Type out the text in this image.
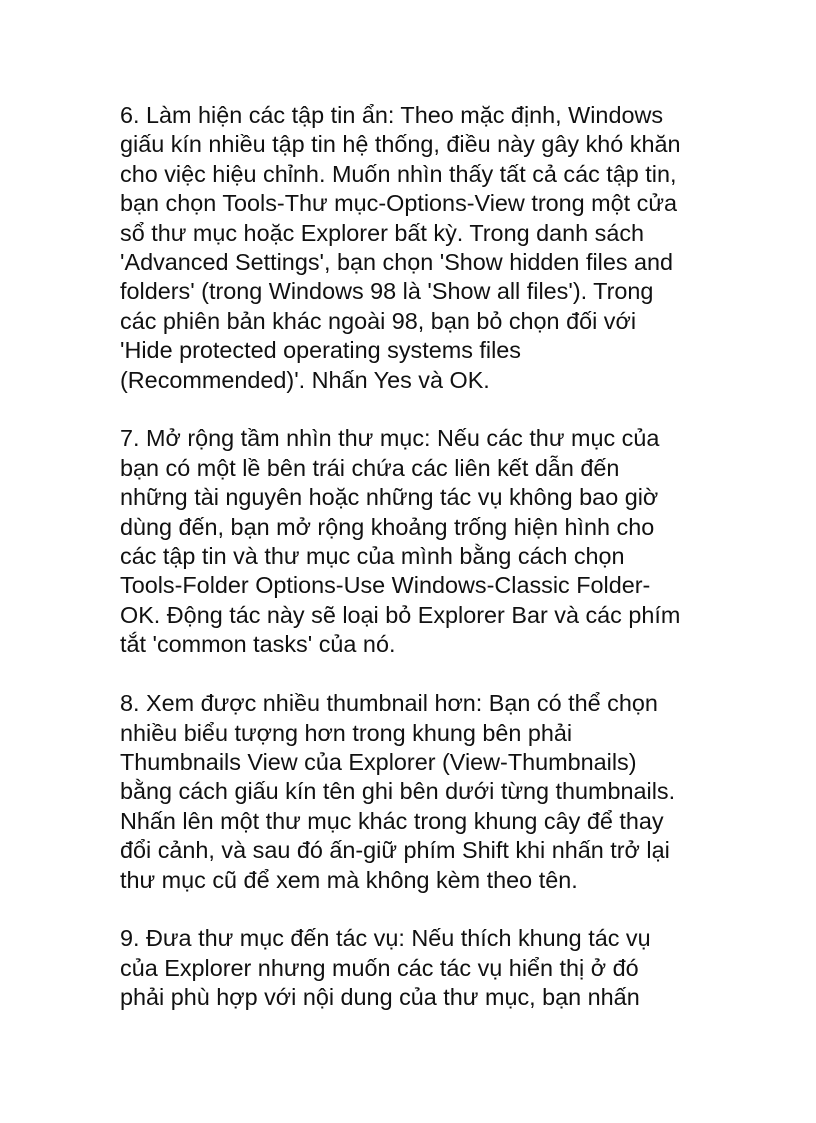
6. Làm hiện các tập tin ẩn: Theo mặc định, Windows
giấu kín nhiều tập tin hệ thống, điều này gây khó khăn
cho việc hiệu chỉnh. Muốn nhìn thấy tất cả các tập tin,
bạn chọn Tools-Thư mục-Options-View trong một cửa
sổ thư mục hoặc Explorer bất kỳ. Trong danh sách
'Advanced Settings', bạn chọn 'Show hidden files and
folders' (trong Windows 98 là 'Show all files'). Trong
các phiên bản khác ngoài 98, bạn bỏ chọn đối với
'Hide protected operating systems files
(Recommended)'. Nhấn Yes và OK.

7. Mở rộng tầm nhìn thư mục: Nếu các thư mục của
bạn có một lề bên trái chứa các liên kết dẫn đến
những tài nguyên hoặc những tác vụ không bao giờ
dùng đến, bạn mở rộng khoảng trống hiện hình cho
các tập tin và thư mục của mình bằng cách chọn
Tools-Folder Options-Use Windows-Classic Folder-
OK. Động tác này sẽ loại bỏ Explorer Bar và các phím
tắt 'common tasks' của nó.

8. Xem được nhiều thumbnail hơn: Bạn có thể chọn
nhiều biểu tượng hơn trong khung bên phải
Thumbnails View của Explorer (View-Thumbnails)
bằng cách giấu kín tên ghi bên dưới từng thumbnails.
Nhấn lên một thư mục khác trong khung cây để thay
đổi cảnh, và sau đó ấn-giữ phím Shift khi nhấn trở lại
thư mục cũ để xem mà không kèm theo tên.

9. Đưa thư mục đến tác vụ: Nếu thích khung tác vụ
của Explorer nhưng muốn các tác vụ hiển thị ở đó
phải phù hợp với nội dung của thư mục, bạn nhấn
